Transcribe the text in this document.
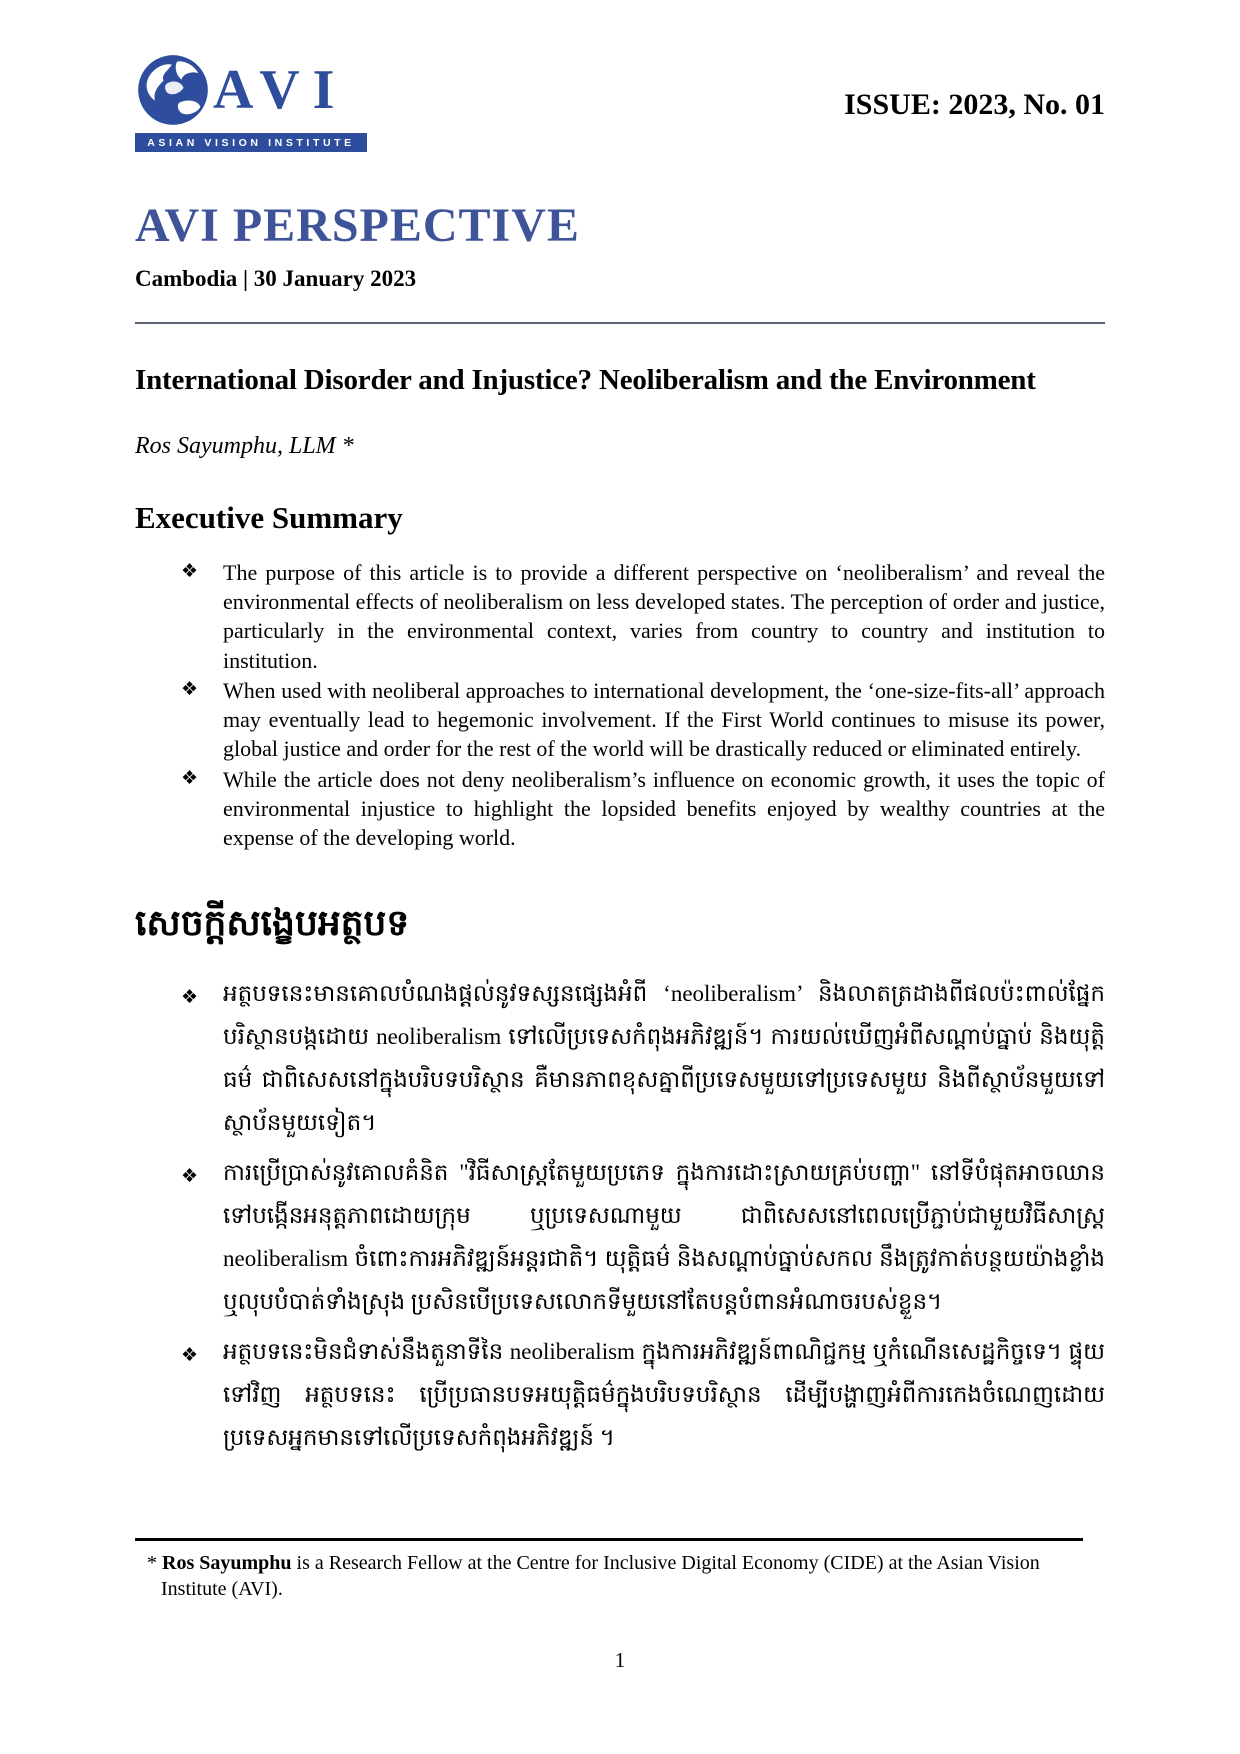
AVI
ASIAN VISION INSTITUTE
ISSUE: 2023, No. 01
AVI PERSPECTIVE
Cambodia | 30 January 2023
International Disorder and Injustice? Neoliberalism and the Environment
Ros Sayumphu, LLM *
Executive Summary
❖ The purpose of this article is to provide a different perspective on ‘neoliberalism’ and reveal the environmental effects of neoliberalism on less developed states. The perception of order and justice, particularly in the environmental context, varies from country to country and institution to institution.
❖ When used with neoliberal approaches to international development, the ‘one-size-fits-all’ approach may eventually lead to hegemonic involvement. If the First World continues to misuse its power, global justice and order for the rest of the world will be drastically reduced or eliminated entirely.
❖ While the article does not deny neoliberalism’s influence on economic growth, it uses the topic of environmental injustice to highlight the lopsided benefits enjoyed by wealthy countries at the expense of the developing world.
សេចក្តីសង្ខេបអត្ថបទ
❖ អត្ថបទនេះមានគោលបំណងផ្តល់នូវទស្សនផ្សេងអំពី ‘neoliberalism’ និងលាតត្រដាងពីផលប៉ះពាល់ផ្នែកបរិស្ថានបង្កដោយ neoliberalism ទៅលើប្រទេសកំពុងអភិវឌ្ឍន៍។ ការយល់ឃើញអំពីសណ្តាប់ធ្នាប់ និងយុត្តិធម៌ ជាពិសេសនៅក្នុងបរិបទបរិស្ថាន គឺមានភាពខុសគ្នាពីប្រទេសមួយទៅប្រទេសមួយ និងពីស្ថាប័នមួយទៅស្ថាប័នមួយទៀត។
❖ ការប្រើប្រាស់នូវគោលគំនិត "វិធីសាស្ត្រតែមួយប្រភេទ ក្នុងការដោះស្រាយគ្រប់បញ្ហា" នៅទីបំផុតអាចឈានទៅបង្កើនអនុត្តភាពដោយក្រុម ឬប្រទេសណាមួយ ជាពិសេសនៅពេលប្រើភ្ជាប់ជាមួយវិធីសាស្ត្រ neoliberalism ចំពោះការអភិវឌ្ឍន៍អន្តរជាតិ។ យុត្តិធម៌ និងសណ្តាប់ធ្នាប់សកល នឹងត្រូវកាត់បន្ថយយ៉ាងខ្លាំង ឬលុបបំបាត់ទាំងស្រុង ប្រសិនបើប្រទេសលោកទីមួយនៅតែបន្តបំពានអំណាចរបស់ខ្លួន។
❖ អត្ថបទនេះមិនជំទាស់នឹងតួនាទីនៃ neoliberalism ក្នុងការអភិវឌ្ឍន៍ពាណិជ្ជកម្ម ឬកំណើនសេដ្ឋកិច្ចទេ។ ផ្ទុយទៅវិញ អត្ថបទនេះ ប្រើប្រធានបទអយុត្តិធម៌ក្នុងបរិបទបរិស្ថាន ដើម្បីបង្ហាញអំពីការកេងចំណេញដោយប្រទេសអ្នកមានទៅលើប្រទេសកំពុងអភិវឌ្ឍន៍ ។

* Ros Sayumphu is a Research Fellow at the Centre for Inclusive Digital Economy (CIDE) at the Asian Vision Institute (AVI).

1
